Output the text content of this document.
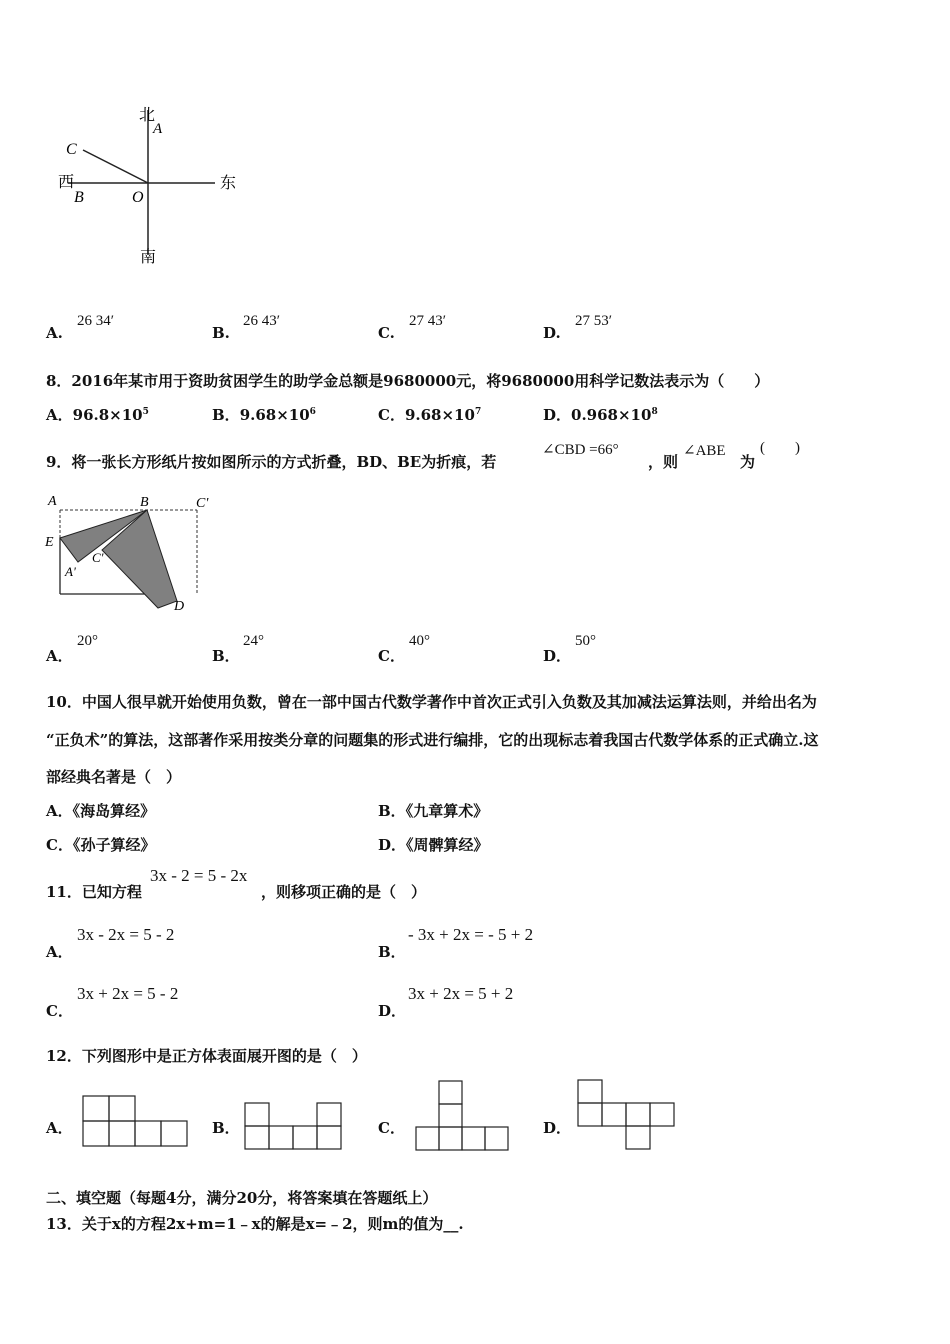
北
A
C
西
B	O
东
南
A.
26 34′
B.
26 43′
C.
27 43′
D.
27 53′
8．2016年某市用于资助贫困学生的助学金总额是9680000元，将9680000用科学记数法表示为（　　）
A．$96.8\times 10^5$	B．$9.68\times 10^6$	C．$9.68\times 10^7$	D．$0.968\times 10^8$
9．将一张长方形纸片按如图所示的方式折叠，BD、BE为折痕，若
∠CBD =66°
，则
∠ABE
为
(　　)
A	B	C'
E
C'
A'
D
A．
20°
B．
24°
C．
40°
D．
50°
10．中国人很早就开始使用负数，曾在一部中国古代数学著作中首次正式引入负数及其加减法运算法则，并给出名为
“正负术”的算法，这部著作采用按类分章的问题集的形式进行编排，它的出现标志着我国古代数学体系的正式确立.这
部经典名著是（　）
A．《海岛算经》	B．《九章算术》
C．《孙子算经》	D．《周髀算经》
11．已知方程
3x - 2 = 5 - 2x
，则移项正确的是（　）
A．
3x - 2x = 5 - 2
B．
- 3x + 2x = - 5 + 2
C．
3x + 2x = 5 - 2
D．
3x + 2x = 5 + 2
12．下列图形中是正方体表面展开图的是（　）
A．	B．	C．	D．
二、填空题（每题4分，满分20分，将答案填在答题纸上）
13．关于x的方程2x+m=1﹣x的解是x=﹣2，则m的值为__.
